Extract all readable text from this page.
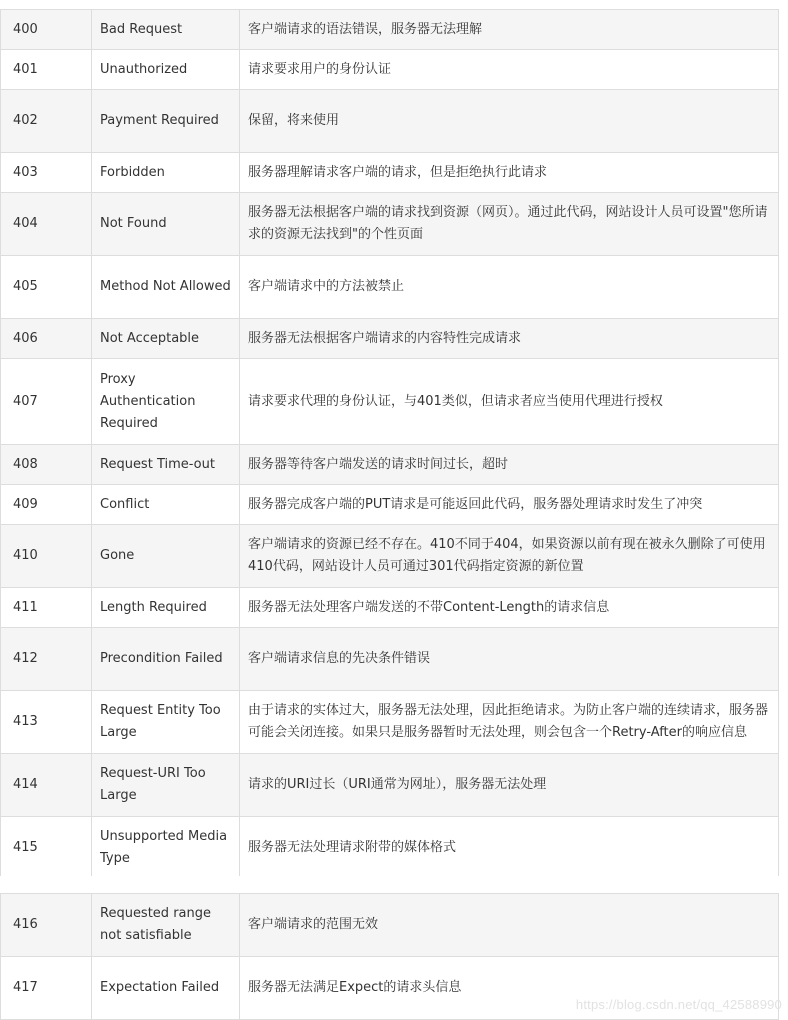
400	Bad Request	客户端请求的语法错误，服务器无法理解
401	Unauthorized	请求要求用户的身份认证
402	Payment Required	保留，将来使用
403	Forbidden	服务器理解请求客户端的请求，但是拒绝执行此请求
404	Not Found	服务器无法根据客户端的请求找到资源（网页）。通过此代码，网站设计人员可设置"您所请求的资源无法找到"的个性页面
405	Method Not Allowed	客户端请求中的方法被禁止
406	Not Acceptable	服务器无法根据客户端请求的内容特性完成请求
407	Proxy Authentication Required	请求要求代理的身份认证，与401类似，但请求者应当使用代理进行授权
408	Request Time-out	服务器等待客户端发送的请求时间过长，超时
409	Conflict	服务器完成客户端的PUT请求是可能返回此代码，服务器处理请求时发生了冲突
410	Gone	客户端请求的资源已经不存在。410不同于404，如果资源以前有现在被永久删除了可使用410代码，网站设计人员可通过301代码指定资源的新位置
411	Length Required	服务器无法处理客户端发送的不带Content-Length的请求信息
412	Precondition Failed	客户端请求信息的先决条件错误
413	Request Entity Too Large	由于请求的实体过大，服务器无法处理，因此拒绝请求。为防止客户端的连续请求，服务器可能会关闭连接。如果只是服务器暂时无法处理，则会包含一个Retry-After的响应信息
414	Request-URI Too Large	请求的URI过长（URI通常为网址），服务器无法处理
415	Unsupported Media Type	服务器无法处理请求附带的媒体格式
416	Requested range not satisfiable	客户端请求的范围无效
417	Expectation Failed	服务器无法满足Expect的请求头信息
https://blog.csdn.net/qq_42588990
